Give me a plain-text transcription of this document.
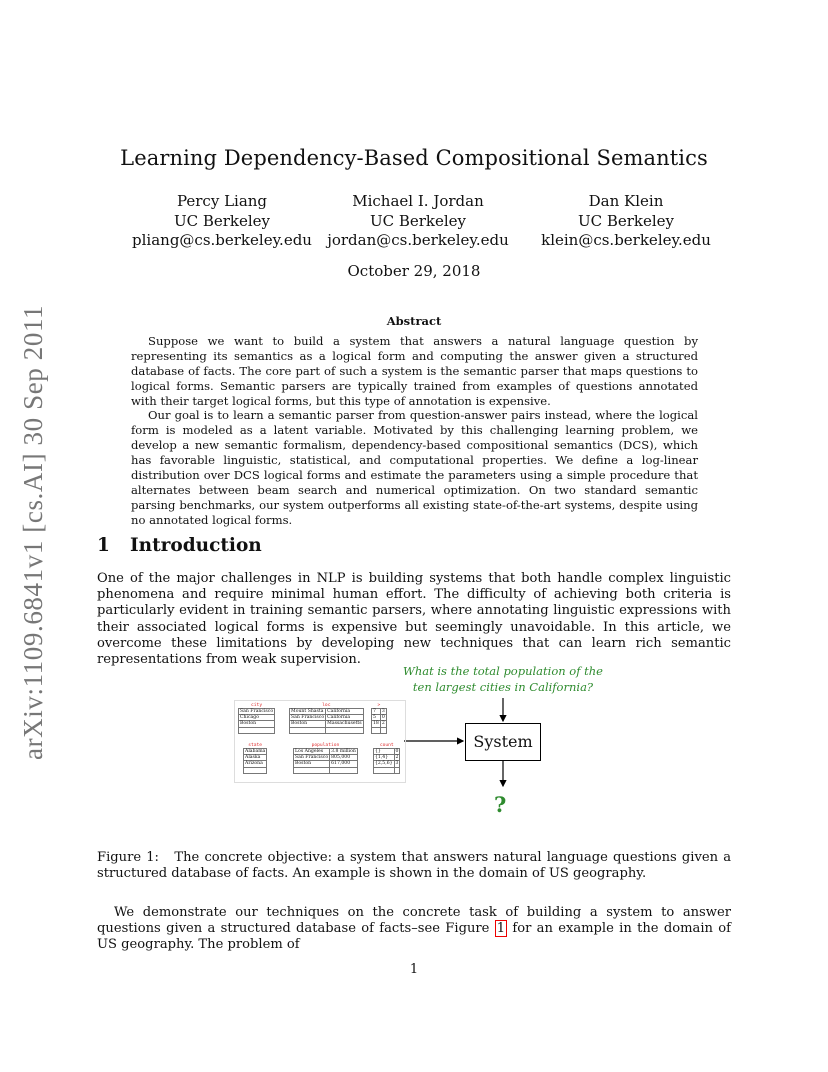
arXiv:1109.6841v1 [cs.AI] 30 Sep 2011
Learning Dependency-Based Compositional Semantics
Percy Liang
UC Berkeley
pliang@cs.berkeley.edu
Michael I. Jordan
UC Berkeley
jordan@cs.berkeley.edu
Dan Klein
UC Berkeley
klein@cs.berkeley.edu
October 29, 2018
Abstract
Suppose we want to build a system that answers a natural language question by representing its semantics as a logical form and computing the answer given a structured database of facts. The core part of such a system is the semantic parser that maps questions to logical forms. Semantic parsers are typically trained from examples of questions annotated with their target logical forms, but this type of annotation is expensive.
Our goal is to learn a semantic parser from question-answer pairs instead, where the logical form is modeled as a latent variable. Motivated by this challenging learning problem, we develop a new semantic formalism, dependency-based compositional semantics (DCS), which has favorable linguistic, statistical, and computational properties. We define a log-linear distribution over DCS logical forms and estimate the parameters using a simple procedure that alternates between beam search and numerical optimization. On two standard semantic parsing benchmarks, our system outperforms all existing state-of-the-art systems, despite using no annotated logical forms.
1 Introduction
One of the major challenges in NLP is building systems that both handle complex linguistic phenomena and require minimal human effort. The difficulty of achieving both criteria is particularly evident in training semantic parsers, where annotating linguistic expressions with their associated logical forms is expensive but seemingly unavoidable. In this article, we overcome these limitations by developing new techniques that can learn rich semantic representations from weak supervision.
What is the total population of the
ten largest cities in California?
System
?
city
San Francisco
Chicago
Boston

loc
Mount Shasta	California
San Francisco	California
Boston	Massachusetts

>
7	3
5	0
18	2

state
Alabama
Alaska
Arizona

population
Los Angeles	3.8 million
San Francisco	805,000
Boston	617,000

count
{}	0
{1,4}	2
{2,5,6}	3

Figure 1: The concrete objective: a system that answers natural language questions given a structured database of facts. An example is shown in the domain of US geography.
We demonstrate our techniques on the concrete task of building a system to answer questions given a structured database of facts–see Figure 1 for an example in the domain of US geography. The problem of
1
